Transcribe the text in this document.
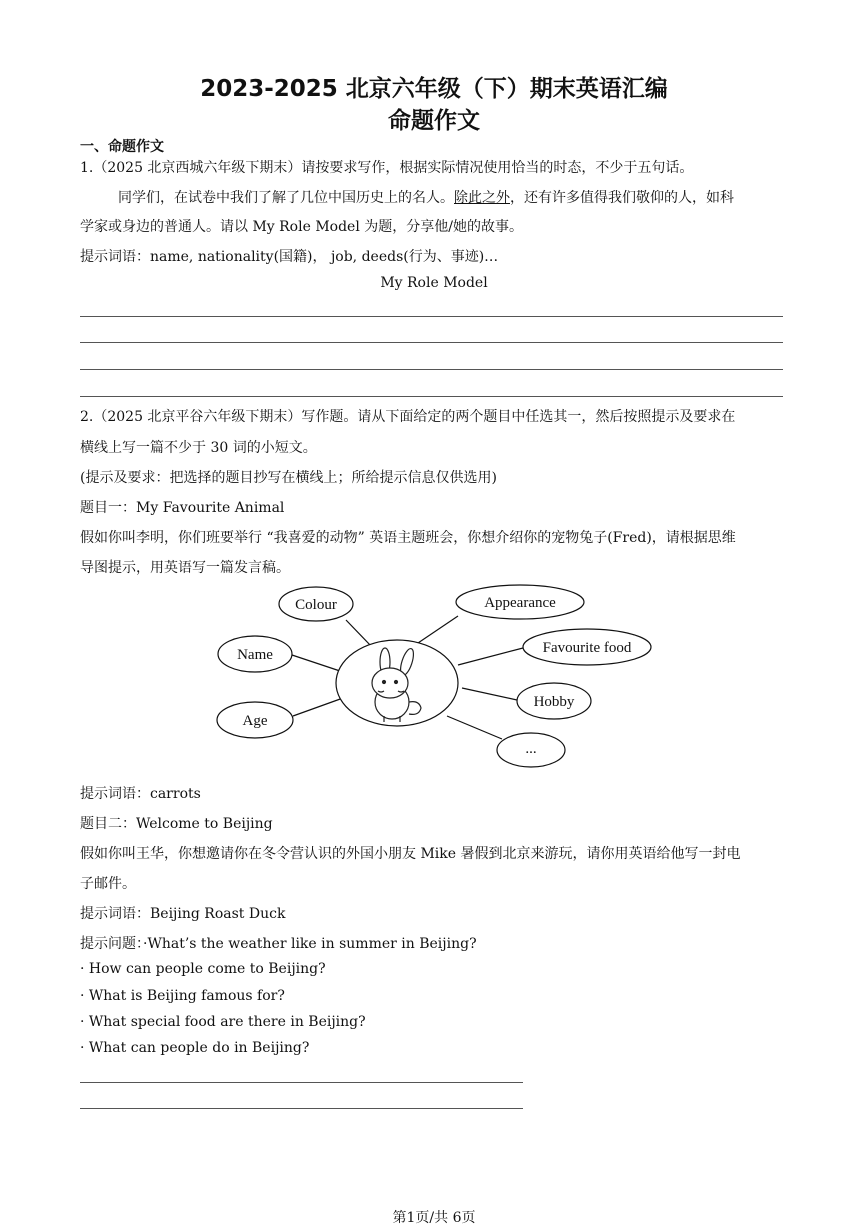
2023-2025 北京六年级（下）期末英语汇编
命题作文
一、命题作文
1.（2025 北京西城六年级下期末）请按要求写作，根据实际情况使用恰当的时态，不少于五句话。
同学们，在试卷中我们了解了几位中国历史上的名人。除此之外，还有许多值得我们敬仰的人，如科
学家或身边的普通人。请以 My Role Model 为题，分享他/她的故事。
提示词语：name, nationality(国籍)， job, deeds(行为、事迹)…
My Role Model
2.（2025 北京平谷六年级下期末）写作题。请从下面给定的两个题目中任选其一，然后按照提示及要求在
横线上写一篇不少于 30 词的小短文。
(提示及要求：把选择的题目抄写在横线上；所给提示信息仅供选用)
题目一：My Favourite Animal
假如你叫李明，你们班要举行 “我喜爱的动物” 英语主题班会，你想介绍你的宠物兔子(Fred)，请根据思维
导图提示，用英语写一篇发言稿。
Colour
Name
Age
Appearance
Favourite food
Hobby
...
提示词语：carrots
题目二：Welcome to Beijing
假如你叫王华，你想邀请你在冬令营认识的外国小朋友 Mike 暑假到北京来游玩，请你用英语给他写一封电
子邮件。
提示词语：Beijing Roast Duck
提示问题：·What’s the weather like in summer in Beijing?
· How can people come to Beijing?
· What is Beijing famous for?
· What special food are there in Beijing?
· What can people do in Beijing?
第1页/共 6页
